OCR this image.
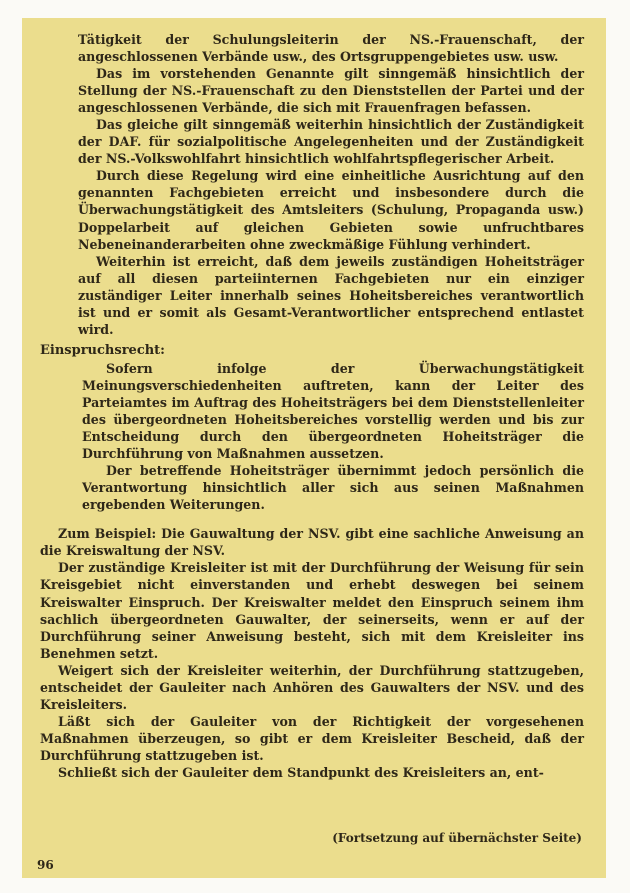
Tätigkeit der Schulungsleiterin der NS.-Frauenschaft, der angeschlossenen Verbände usw., des Ortsgruppengebietes usw. usw.

Das im vorstehenden Genannte gilt sinngemäß hinsichtlich der Stellung der NS.-Frauenschaft zu den Dienststellen der Partei und der angeschlossenen Verbände, die sich mit Frauenfragen befassen.

Das gleiche gilt sinngemäß weiterhin hinsichtlich der Zuständigkeit der DAF. für sozialpolitische Angelegenheiten und der Zuständigkeit der NS.-Volkswohlfahrt hinsichtlich wohlfahrtspflegerischer Arbeit.

Durch diese Regelung wird eine einheitliche Ausrichtung auf den genannten Fachgebieten erreicht und insbesondere durch die Überwachungstätigkeit des Amtsleiters (Schulung, Propaganda usw.) Doppelarbeit auf gleichen Gebieten sowie unfruchtbares Nebeneinanderarbeiten ohne zweckmäßige Fühlung verhindert.

Weiterhin ist erreicht, daß dem jeweils zuständigen Hoheitsträger auf all diesen parteiinternen Fachgebieten nur ein einziger zuständiger Leiter innerhalb seines Hoheitsbereiches verantwortlich ist und er somit als Gesamt-Verantwortlicher entsprechend entlastet wird.

Einspruchsrecht:

Sofern infolge der Überwachungstätigkeit Meinungsverschiedenheiten auftreten, kann der Leiter des Parteiamtes im Auftrag des Hoheitsträgers bei dem Dienststellenleiter des übergeordneten Hoheitsbereiches vorstellig werden und bis zur Entscheidung durch den übergeordneten Hoheitsträger die Durchführung von Maßnahmen aussetzen.

Der betreffende Hoheitsträger übernimmt jedoch persönlich die Verantwortung hinsichtlich aller sich aus seinen Maßnahmen ergebenden Weiterungen.

Zum Beispiel: Die Gauwaltung der NSV. gibt eine sachliche Anweisung an die Kreiswaltung der NSV.

Der zuständige Kreisleiter ist mit der Durchführung der Weisung für sein Kreisgebiet nicht einverstanden und erhebt deswegen bei seinem Kreiswalter Einspruch. Der Kreiswalter meldet den Einspruch seinem ihm sachlich übergeordneten Gauwalter, der seinerseits, wenn er auf der Durchführung seiner Anweisung besteht, sich mit dem Kreisleiter ins Benehmen setzt.

Weigert sich der Kreisleiter weiterhin, der Durchführung stattzugeben, entscheidet der Gauleiter nach Anhören des Gauwalters der NSV. und des Kreisleiters.

Läßt sich der Gauleiter von der Richtigkeit der vorgesehenen Maßnahmen überzeugen, so gibt er dem Kreisleiter Bescheid, daß der Durchführung stattzugeben ist.

Schließt sich der Gauleiter dem Standpunkt des Kreisleiters an, ent-

(Fortsetzung auf übernächster Seite)

96
